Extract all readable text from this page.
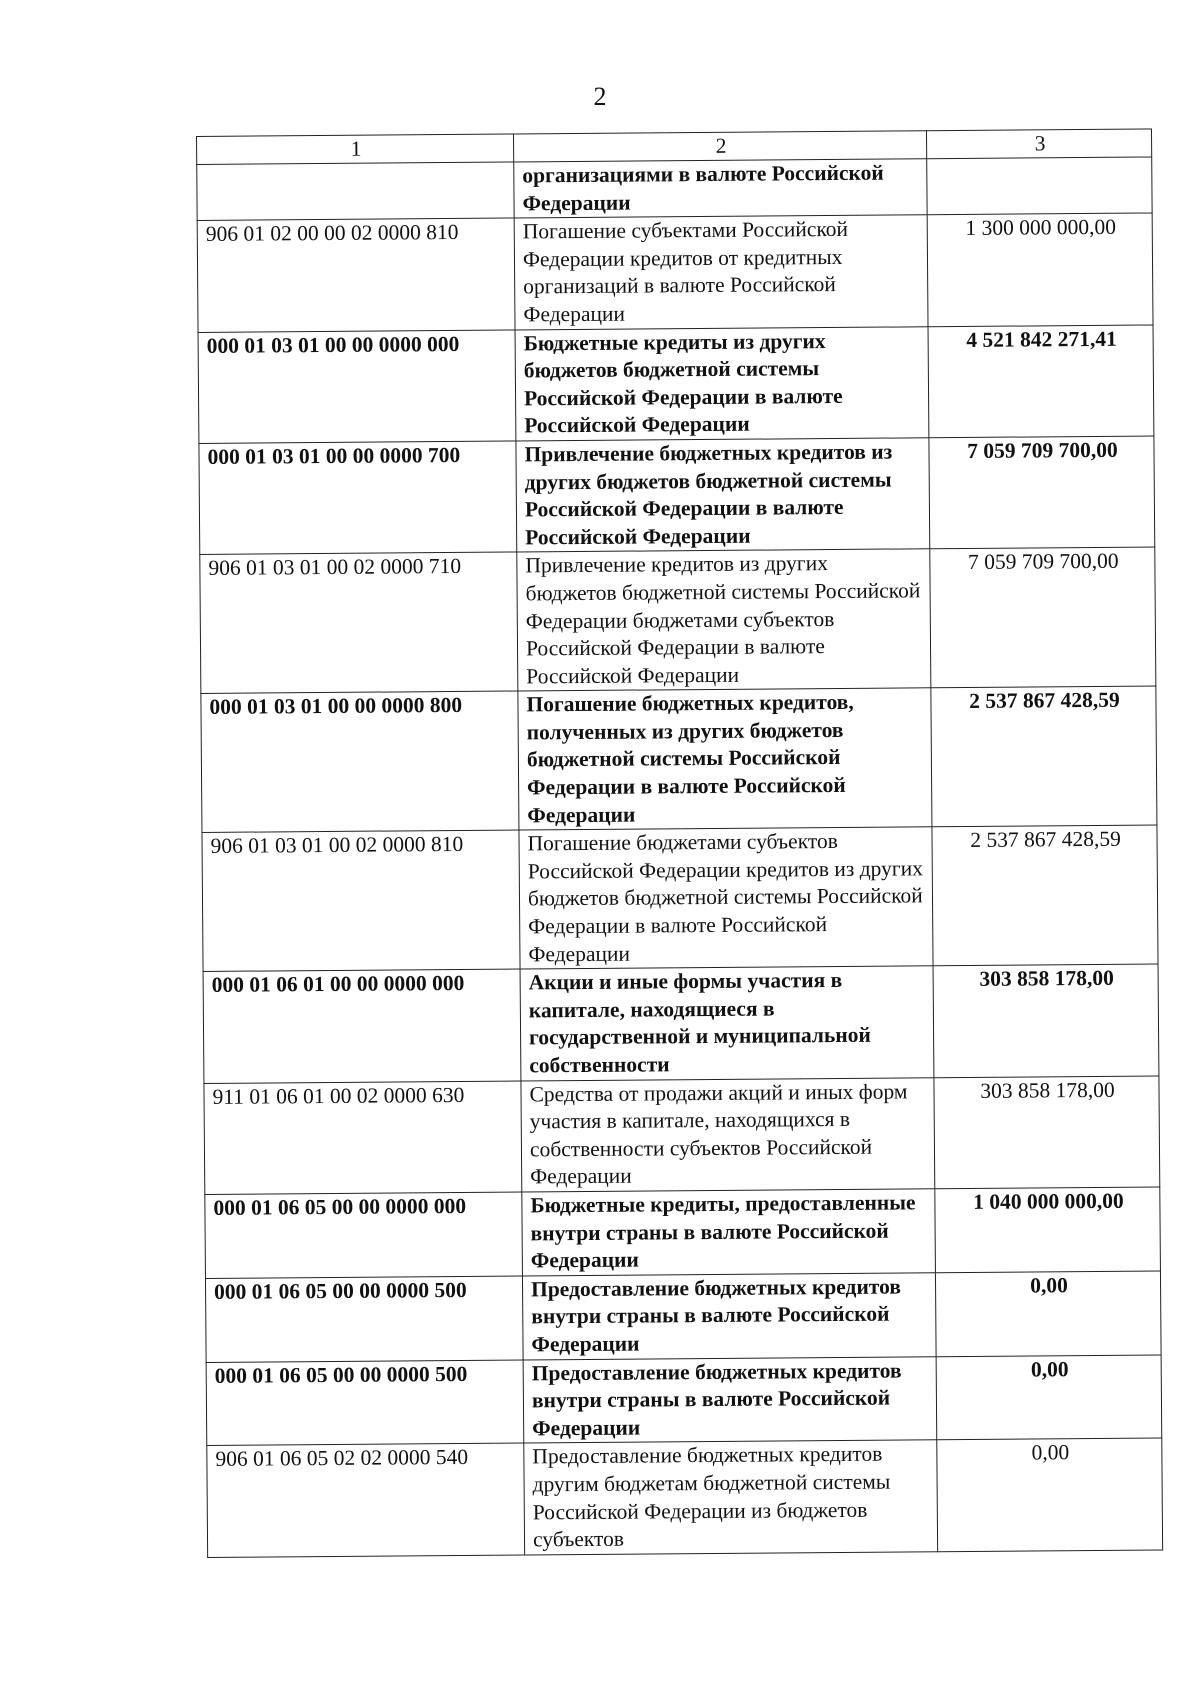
2
1	2	3
	организациями в валюте Российской Федерации	
906 01 02 00 00 02 0000 810	Погашение субъектами Российской Федерации кредитов от кредитных организаций в валюте Российской Федерации	1 300 000 000,00
000 01 03 01 00 00 0000 000	Бюджетные кредиты из других бюджетов бюджетной системы Российской Федерации в валюте Российской Федерации	4 521 842 271,41
000 01 03 01 00 00 0000 700	Привлечение бюджетных кредитов из других бюджетов бюджетной системы Российской Федерации в валюте Российской Федерации	7 059 709 700,00
906 01 03 01 00 02 0000 710	Привлечение кредитов из других бюджетов бюджетной системы Российской Федерации бюджетами субъектов Российской Федерации в валюте Российской Федерации	7 059 709 700,00
000 01 03 01 00 00 0000 800	Погашение бюджетных кредитов, полученных из других бюджетов бюджетной системы Российской Федерации в валюте Российской Федерации	2 537 867 428,59
906 01 03 01 00 02 0000 810	Погашение бюджетами субъектов Российской Федерации кредитов из других бюджетов бюджетной системы Российской Федерации в валюте Российской Федерации	2 537 867 428,59
000 01 06 01 00 00 0000 000	Акции и иные формы участия в капитале, находящиеся в государственной и муниципальной собственности	303 858 178,00
911 01 06 01 00 02 0000 630	Средства от продажи акций и иных форм участия в капитале, находящихся в собственности субъектов Российской Федерации	303 858 178,00
000 01 06 05 00 00 0000 000	Бюджетные кредиты, предоставленные внутри страны в валюте Российской Федерации	1 040 000 000,00
000 01 06 05 00 00 0000 500	Предоставление бюджетных кредитов внутри страны в валюте Российской Федерации	0,00
000 01 06 05 00 00 0000 500	Предоставление бюджетных кредитов внутри страны в валюте Российской Федерации	0,00
906 01 06 05 02 02 0000 540	Предоставление бюджетных кредитов другим бюджетам бюджетной системы Российской Федерации из бюджетов субъектов	0,00
